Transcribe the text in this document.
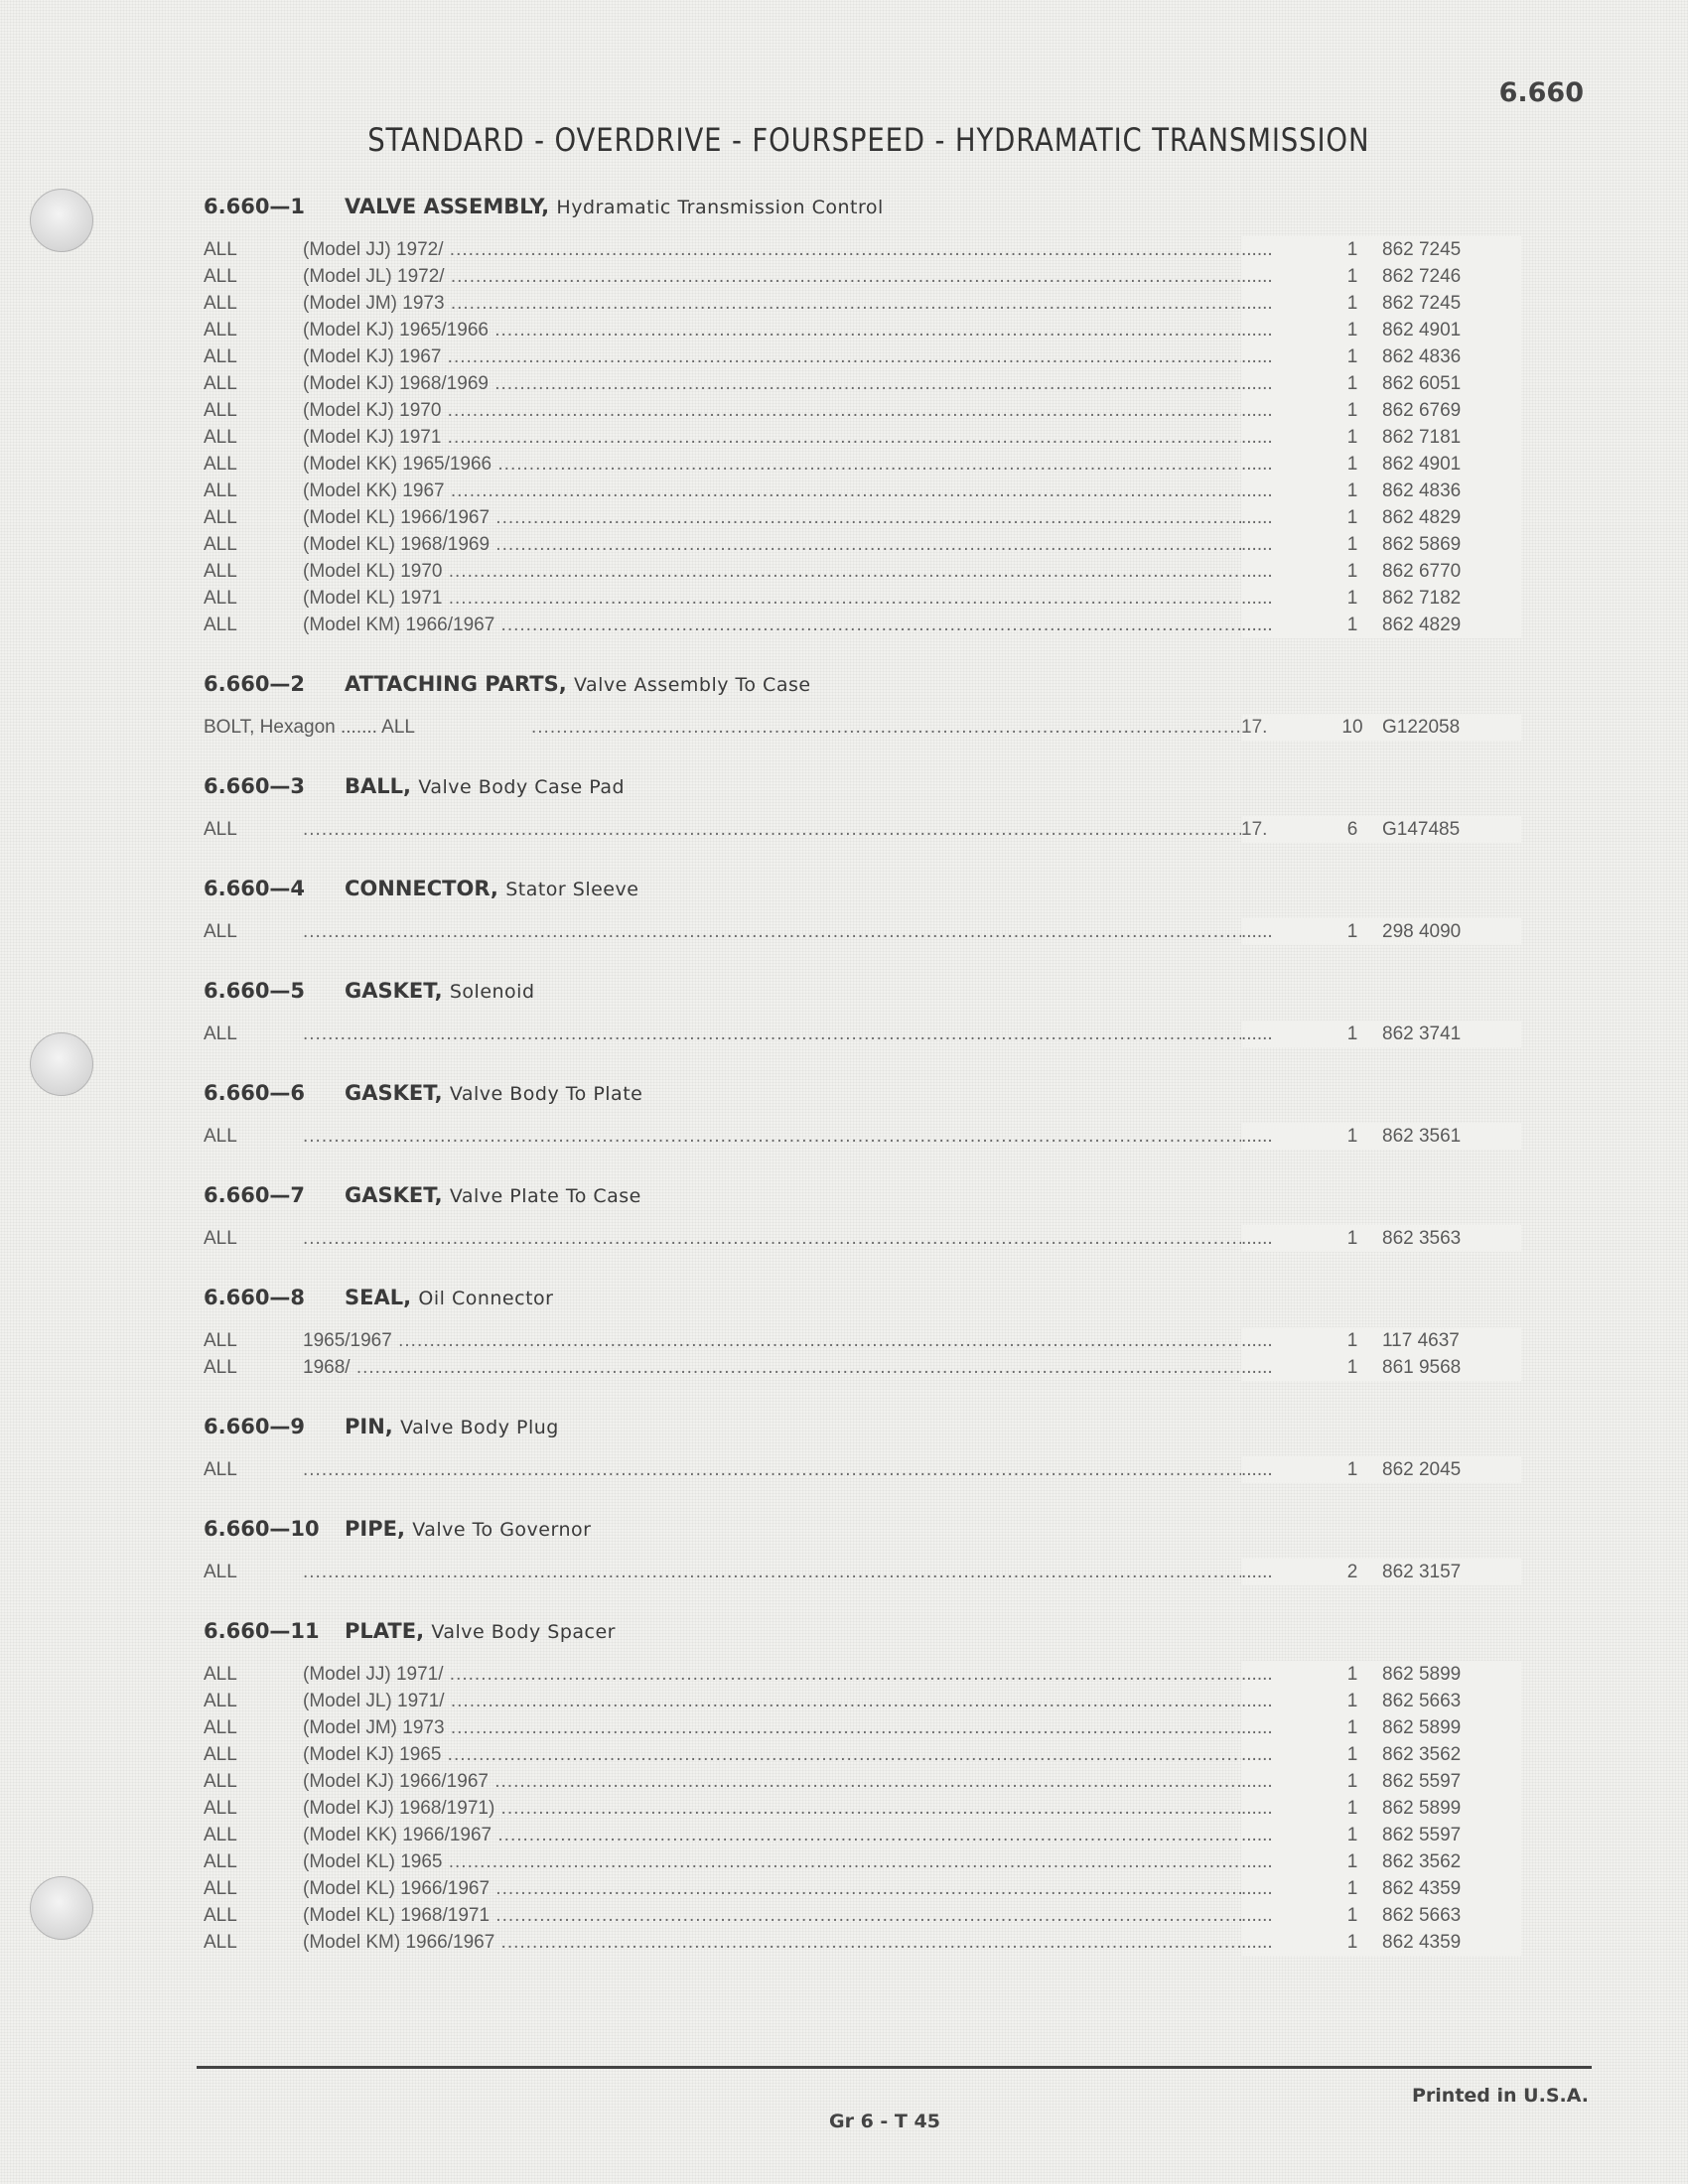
6.660
STANDARD - OVERDRIVE - FOURSPEED - HYDRAMATIC TRANSMISSION
6.660—1 VALVE ASSEMBLY, Hydramatic Transmission Control
ALL	(Model JJ) 1972/ .....	......	1	862 7245
ALL	(Model JL) 1972/ .....	......	1	862 7246
ALL	(Model JM) 1973 .....	......	1	862 7245
ALL	(Model KJ) 1965/1966 .....	......	1	862 4901
ALL	(Model KJ) 1967 .....	......	1	862 4836
ALL	(Model KJ) 1968/1969 .....	......	1	862 6051
ALL	(Model KJ) 1970 .....	......	1	862 6769
ALL	(Model KJ) 1971 .....	......	1	862 7181
ALL	(Model KK) 1965/1966 .....	......	1	862 4901
ALL	(Model KK) 1967 .....	......	1	862 4836
ALL	(Model KL) 1966/1967 .....	......	1	862 4829
ALL	(Model KL) 1968/1969 .....	......	1	862 5869
ALL	(Model KL) 1970 .....	......	1	862 6770
ALL	(Model KL) 1971 .....	......	1	862 7182
ALL	(Model KM) 1966/1967 .....	......	1	862 4829
6.660—2 ATTACHING PARTS, Valve Assembly To Case
BOLT, Hexagon ....... ALL .....	17.	10	G122058
6.660—3 BALL, Valve Body Case Pad
ALL .....	17.	6	G147485
6.660—4 CONNECTOR, Stator Sleeve
ALL .....	......	1	298 4090
6.660—5 GASKET, Solenoid
ALL .....	......	1	862 3741
6.660—6 GASKET, Valve Body To Plate
ALL .....	......	1	862 3561
6.660—7 GASKET, Valve Plate To Case
ALL .....	......	1	862 3563
6.660—8 SEAL, Oil Connector
ALL	1965/1967 .....	......	1	117 4637
ALL	1968/ .....	......	1	861 9568
6.660—9 PIN, Valve Body Plug
ALL .....	......	1	862 2045
6.660—10 PIPE, Valve To Governor
ALL .....	......	2	862 3157
6.660—11 PLATE, Valve Body Spacer
ALL	(Model JJ) 1971/ .....	......	1	862 5899
ALL	(Model JL) 1971/ .....	......	1	862 5663
ALL	(Model JM) 1973 .....	......	1	862 5899
ALL	(Model KJ) 1965 .....	......	1	862 3562
ALL	(Model KJ) 1966/1967 .....	......	1	862 5597
ALL	(Model KJ) 1968/1971) .....	......	1	862 5899
ALL	(Model KK) 1966/1967 .....	......	1	862 5597
ALL	(Model KL) 1965 .....	......	1	862 3562
ALL	(Model KL) 1966/1967 .....	......	1	862 4359
ALL	(Model KL) 1968/1971 .....	......	1	862 5663
ALL	(Model KM) 1966/1967 .....	......	1	862 4359
Printed in U.S.A.
Gr 6 - T 45
